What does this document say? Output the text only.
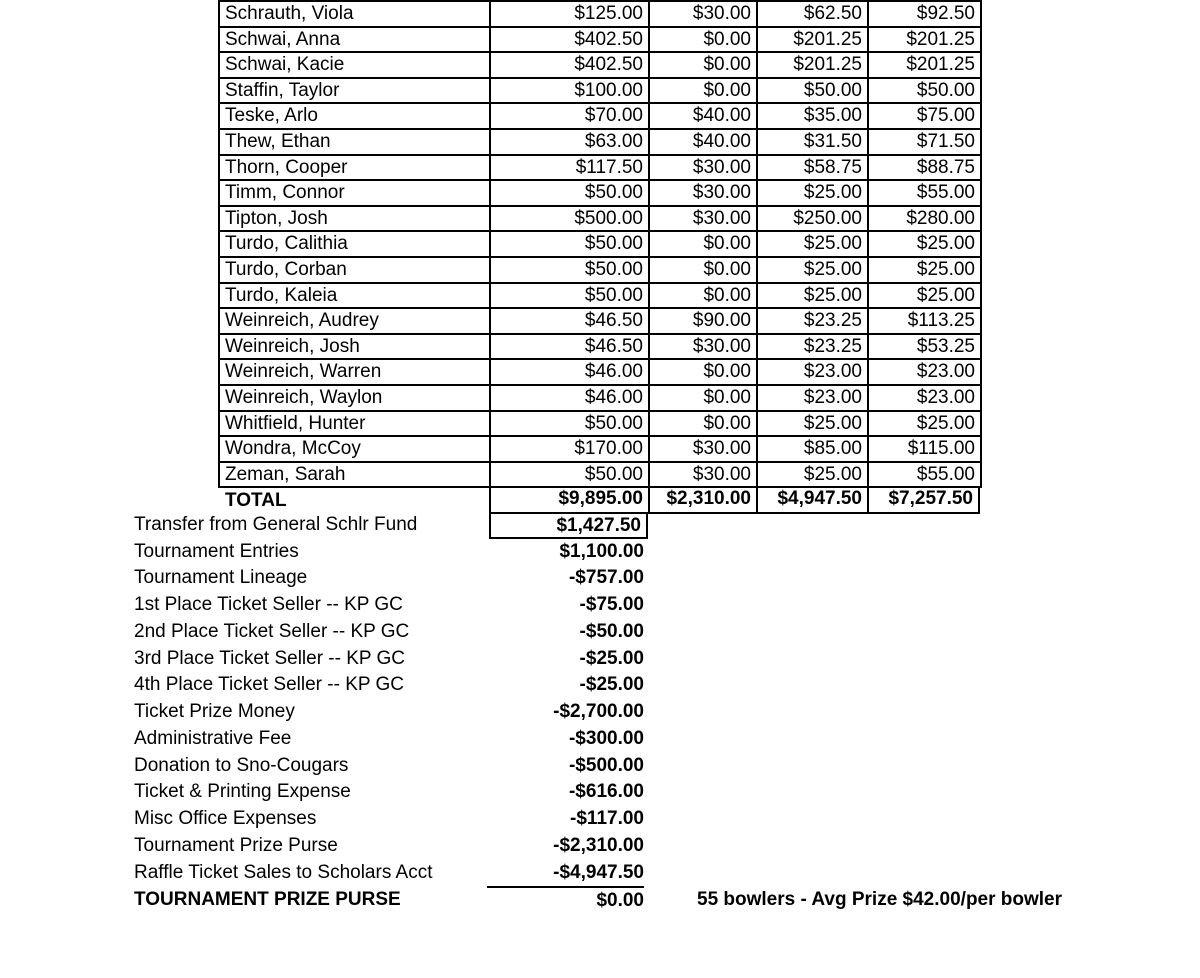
Schrauth, Viola	$125.00	$30.00	$62.50	$92.50
Schwai, Anna	$402.50	$0.00	$201.25	$201.25
Schwai, Kacie	$402.50	$0.00	$201.25	$201.25
Staffin, Taylor	$100.00	$0.00	$50.00	$50.00
Teske, Arlo	$70.00	$40.00	$35.00	$75.00
Thew, Ethan	$63.00	$40.00	$31.50	$71.50
Thorn, Cooper	$117.50	$30.00	$58.75	$88.75
Timm, Connor	$50.00	$30.00	$25.00	$55.00
Tipton, Josh	$500.00	$30.00	$250.00	$280.00
Turdo, Calithia	$50.00	$0.00	$25.00	$25.00
Turdo, Corban	$50.00	$0.00	$25.00	$25.00
Turdo, Kaleia	$50.00	$0.00	$25.00	$25.00
Weinreich, Audrey	$46.50	$90.00	$23.25	$113.25
Weinreich, Josh	$46.50	$30.00	$23.25	$53.25
Weinreich, Warren	$46.00	$0.00	$23.00	$23.00
Weinreich, Waylon	$46.00	$0.00	$23.00	$23.00
Whitfield, Hunter	$50.00	$0.00	$25.00	$25.00
Wondra, McCoy	$170.00	$30.00	$85.00	$115.00
Zeman, Sarah	$50.00	$30.00	$25.00	$55.00
TOTAL	$9,895.00	$2,310.00	$4,947.50	$7,257.50
Transfer from General Schlr Fund	$1,427.50
Tournament Entries	$1,100.00
Tournament Lineage	-$757.00
1st Place Ticket Seller -- KP GC	-$75.00
2nd Place Ticket Seller -- KP GC	-$50.00
3rd Place Ticket Seller -- KP GC	-$25.00
4th Place Ticket Seller -- KP GC	-$25.00
Ticket Prize Money	-$2,700.00
Administrative Fee	-$300.00
Donation to Sno-Cougars	-$500.00
Ticket & Printing Expense	-$616.00
Misc Office Expenses	-$117.00
Tournament Prize Purse	-$2,310.00
Raffle Ticket Sales to Scholars Acct	-$4,947.50
TOURNAMENT PRIZE PURSE	$0.00	55 bowlers - Avg Prize $42.00/per bowler
